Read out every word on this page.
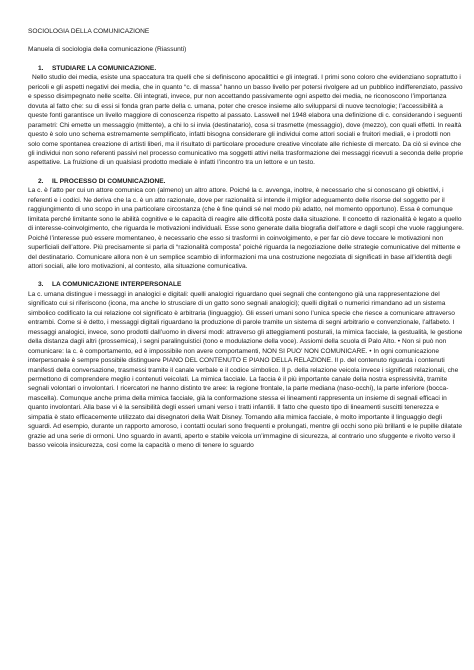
SOCIOLOGIA DELLA COMUNICAZIONE

Manuela di sociologia della comunicazione (Riassunti)

1. STUDIARE LA COMUNICAZIONE.

Nello studio dei media, esiste una spaccatura tra quelli che si definiscono apocalittici e gli integrati. I primi sono coloro che evidenziano soprattutto i pericoli e gli aspetti negativi dei media, che in quanto “c. di massa” hanno un basso livello per potersi rivolgere ad un pubblico indifferenziato, passivo e spesso disimpegnato nelle scelte. Gli integrati, invece, pur non accettando passivamente ogni aspetto dei media, ne riconoscono l’importanza dovuta al fatto che: su di essi si fonda gran parte della c. umana, poter che cresce insieme allo svilupparsi di nuove tecnologie; l’accessibilità a queste fonti garantisce un livello maggiore di conoscenza rispetto al passato. Lasswell nel 1948 elabora una definizione di c. considerando i seguenti parametri: Chi emette un messaggio (mittente), a chi lo si invia (destinatario), cosa si trasmette (messaggio), dove (mezzo), con quali effetti. In realtà questo è solo uno schema estremamente semplificato, infatti bisogna considerare gli individui come attori sociali e fruitori mediali, e i prodotti non solo come spontanea creazione di artisti liberi, ma il risultato di particolare procedure creative vincolate alle richieste di mercato. Da ciò si evince che gli individui non sono referenti passivi nel processo comunicativo ma soggetti attivi nella trasformazione dei messaggi ricevuti a seconda delle proprie aspettative. La fruizione di un qualsiasi prodotto mediale è infatti l’incontro tra un lettore e un testo.

2. IL PROCESSO DI COMUNICAZIONE.

La c. è l’atto per cui un attore comunica con (almeno) un altro attore. Poiché la c. avvenga, inoltre, è necessario che si conoscano gli obiettivi, i referenti e i codici. Ne deriva che la c. è un atto razionale, dove per razionalità si intende il miglior adeguamento delle risorse del soggetto per il raggiungimento di uno scopo in una particolare circostanza (che è fine quindi sé nel modo più adatto, nel momento opportuno). Essa è comunque limitata perché limitante sono le abilità cognitive e le capacità di reagire alle difficoltà poste dalla situazione. Il concetto di razionalità è legato a quello di interesse-coinvolgimento, che riguarda le motivazioni individuali. Esse sono generate dalla biografia dell’attore e dagli scopi che vuole raggiungere. Poiché l’interesse può essere momentaneo, è necessario che esso si trasformi in coinvolgimento, e per far ciò deve toccare le motivazioni non superficiali dell’attore. Più precisamente si parla di “razionalità composta” poiché riguarda la negoziazione delle strategie comunicative del mittente e del destinatario. Comunicare allora non è un semplice scambio di informazioni ma una costruzione negoziata di significati in base all’identità degli attori sociali, alle loro motivazioni, al contesto, alla situazione comunicativa.

3. LA COMUNICAZIONE INTERPERSONALE

La c. umana distingue i messaggi in analogici e digitali: quelli analogici riguardano quei segnali che contengono già una rappresentazione del significato cui si riferiscono (icona, ma anche lo strusciare di un gatto sono segnali analogici); quelli digitali o numerici rimandano ad un sistema simbolico codificato la cui relazione col significato è arbitraria (linguaggio). Gli esseri umani sono l’unica specie che riesce a comunicare attraverso entrambi. Come si è detto, i messaggi digitali riguardano la produzione di parole tramite un sistema di segni arbitrario e convenzionale, l’alfabeto. I messaggi analogici, invece, sono prodotti dall’uomo in diversi modi: attraverso gli atteggiamenti posturali, la mimica facciale, la gestualità, le gestione della distanza dagli altri (prossemica), i segni paralinguistici (tono e modulazione della voce). Assiomi della scuola di Palo Alto. • Non si può non comunicare: la c. è comportamento, ed è impossibile non avere comportamenti, NON SI PUO’ NON COMUNICARE. • In ogni comunicazione interpersonale è sempre possibile distinguere PIANO DEL CONTENUTO E PIANO DELLA RELAZIONE. Il p. del contenuto riguarda i contenuti manifesti della conversazione, trasmessi tramite il canale verbale e il codice simbolico. Il p. della relazione veicola invece i significati relazionali, che permettono di comprendere meglio i contenuti veicolati. La mimica facciale. La faccia è il più importante canale della nostra espressività, tramite segnali volontari o involontari. I ricercatori ne hanno distinto tre aree: la regione frontale, la parte mediana (naso-occhi), la parte inferiore (bocca-mascella). Comunque anche prima della mimica facciale, già la conformazione stessa ei lineamenti rappresenta un insieme di segnali efficaci in quanto involontari. Alla base vi è la sensibilità degli esseri umani verso i tratti infantili. Il fatto che questo tipo di lineamenti suscitti tenerezza e simpatia è stato efficacemente utilizzato dai disegnatori della Walt Disney. Tornando alla mimica facciale, è molto importante il linguaggio degli sguardi. Ad esempio, durante un rapporto amoroso, i contatti oculari sono frequenti e prolungati, mentre gli occhi sono più brillanti e le pupille dilatate grazie ad una serie di ormoni. Uno sguardo in avanti, aperto e stabile veicola un’immagine di sicurezza, al contrario uno sfuggente e rivolto verso il basso veicola insicurezza, così come la capacità o meno di tenere lo sguardo
